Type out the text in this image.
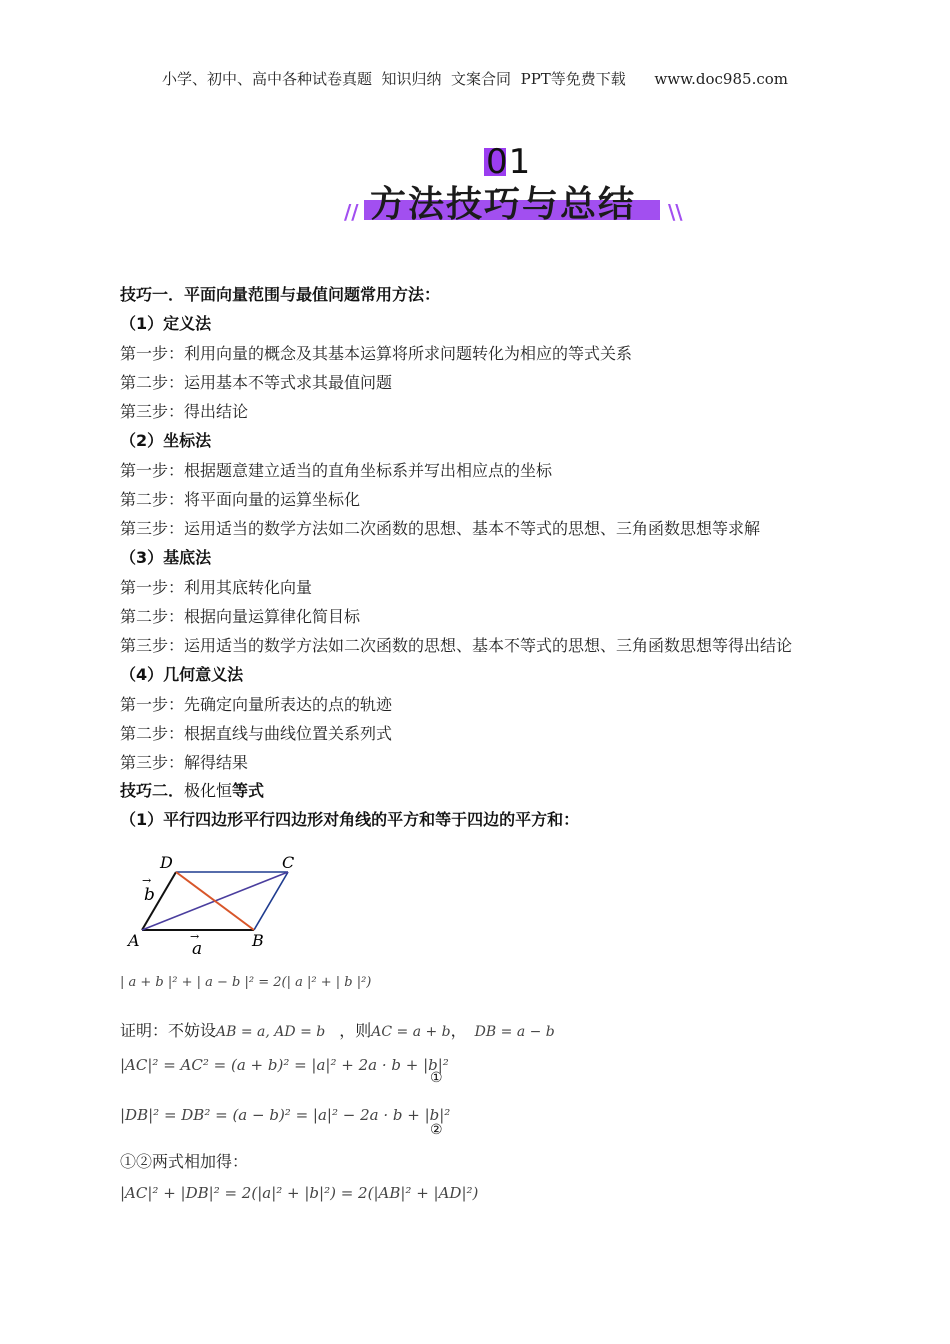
小学、初中、高中各种试卷真题  知识归纳  文案合同  PPT等免费下载      www.doc985.com
01
// 方法技巧与总结 \\
技巧一．平面向量范围与最值问题常用方法：
（1）定义法
第一步：利用向量的概念及其基本运算将所求问题转化为相应的等式关系
第二步：运用基本不等式求其最值问题
第三步：得出结论
（2）坐标法
第一步：根据题意建立适当的直角坐标系并写出相应点的坐标
第二步：将平面向量的运算坐标化
第三步：运用适当的数学方法如二次函数的思想、基本不等式的思想、三角函数思想等求解
（3）基底法
第一步：利用其底转化向量
第二步：根据向量运算律化简目标
第三步：运用适当的数学方法如二次函数的思想、基本不等式的思想、三角函数思想等得出结论
（4）几何意义法
第一步：先确定向量所表达的点的轨迹
第二步：根据直线与曲线位置关系列式
第三步：解得结果
技巧二．极化恒等式
（1）平行四边形平行四边形对角线的平方和等于四边的平方和：
D	C
A	B
→
b
→
a
| a + b |² + | a − b |² = 2(| a |² + | b |²)
证明：不妨设AB = a, AD = b ，则AC = a + b， DB = a − b
|AC|² = AC² = (a + b)² = |a|² + 2a · b + |b|²
①
|DB|² = DB² = (a − b)² = |a|² − 2a · b + |b|²
②
①②两式相加得：
|AC|² + |DB|² = 2(|a|² + |b|²) = 2(|AB|² + |AD|²)
